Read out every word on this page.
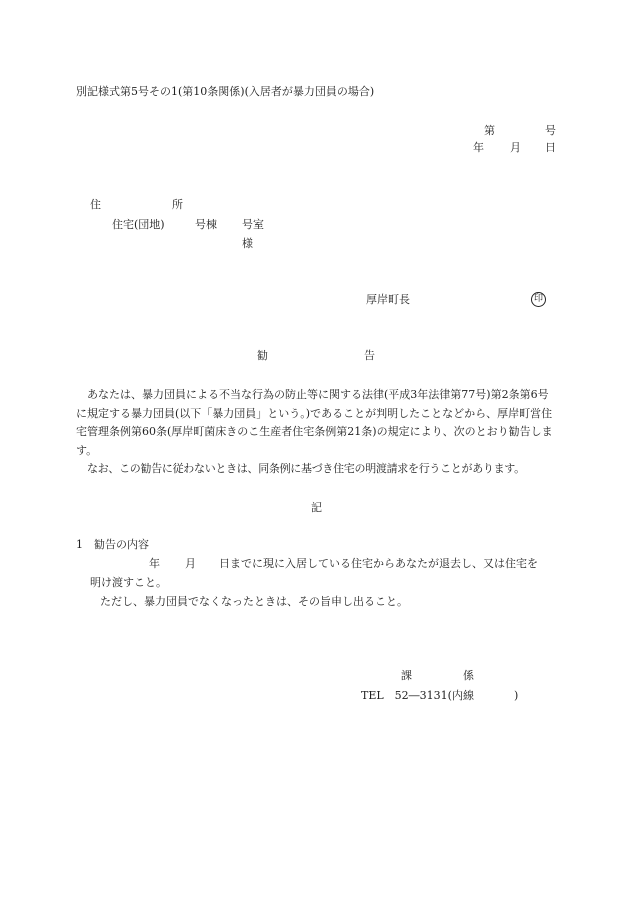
別記様式第5号その1(第10条関係)(入居者が暴力団員の場合)
第	号
年 月 日
住	所
住宅(団地)	号棟 号室
様
厚岸町長	印
勧	告

あなたは、暴力団員による不当な行為の防止等に関する法律(平成3年法律第77号)第2条第6号に規定する暴力団員(以下「暴力団員」という。)であることが判明したことなどから、厚岸町営住宅管理条例第60条(厚岸町菌床きのこ生産者住宅条例第21条)の規定により、次のとおり勧告します。

なお、この勧告に従わないときは、同条例に基づき住宅の明渡請求を行うことがあります。

記
1　勧告の内容
年 月 日までに現に入居している住宅からあなたが退去し、又は住宅を
明け渡すこと。
ただし、暴力団員でなくなったときは、その旨申し出ること。
課	係
TEL　52―3131(内線	)
